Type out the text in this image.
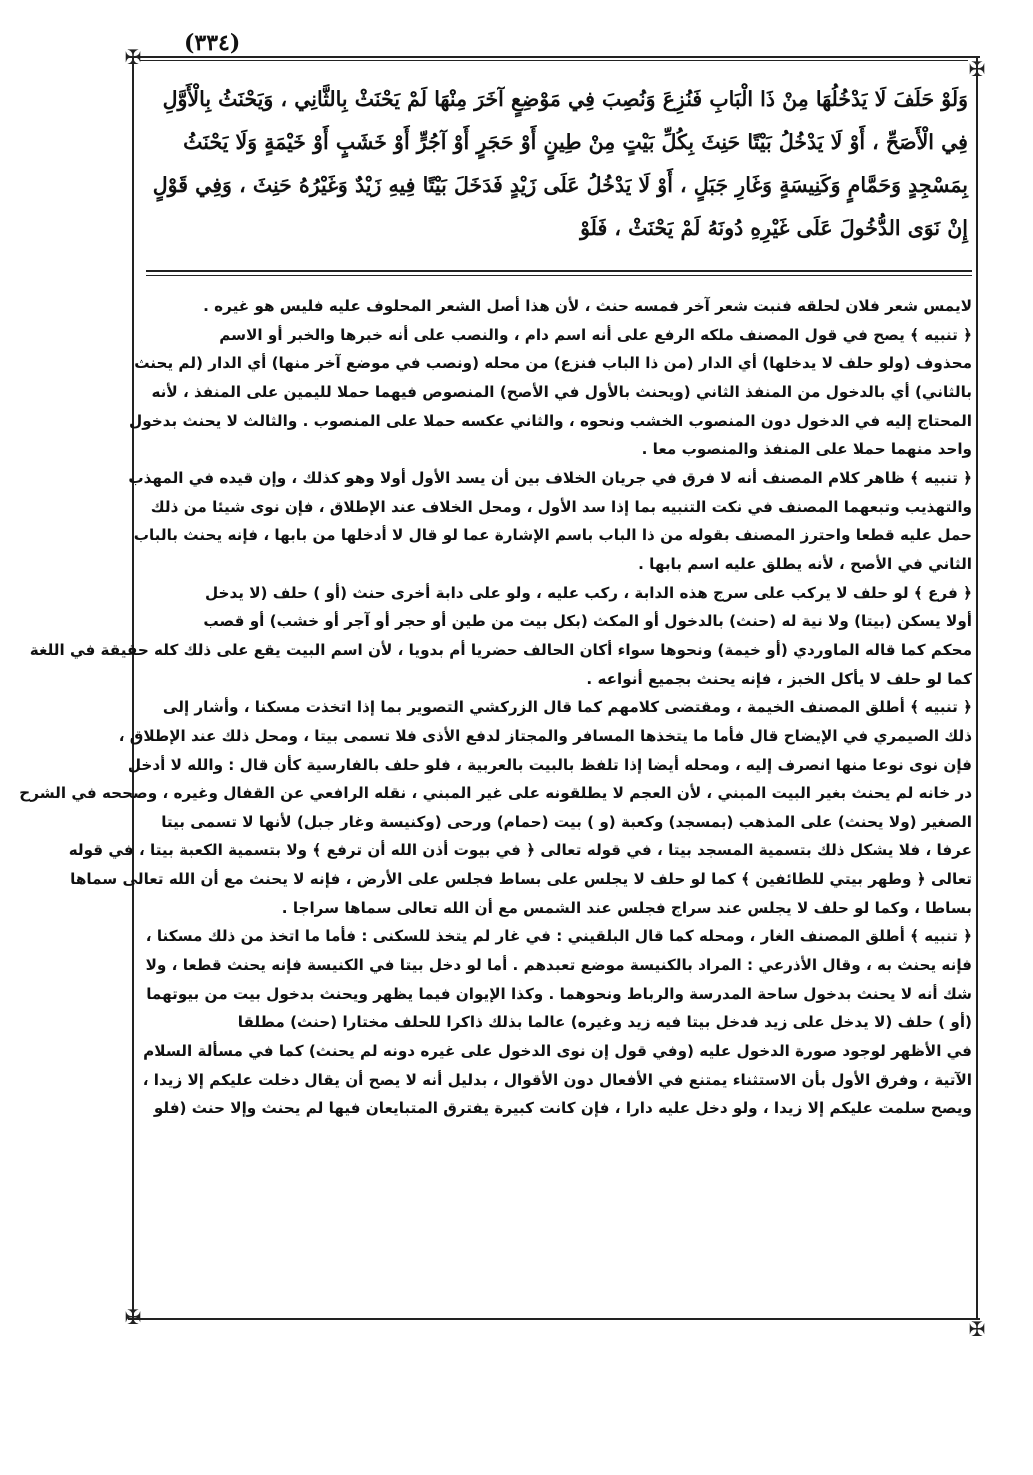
(٣٣٤)
✠	✠
✠	✠
وَلَوْ حَلَفَ لَا يَدْخُلُهَا مِنْ ذَا الْبَابِ فَنُزِعَ وَنُصِبَ فِي مَوْضِعٍ آخَرَ مِنْهَا لَمْ يَحْنَثْ بِالثَّانِي ، وَيَحْنَثُ بِالْأَوَّلِ
فِي الْأَصَحِّ ، أَوْ لَا يَدْخُلُ بَيْتًا حَنِثَ بِكُلِّ بَيْتٍ مِنْ طِينٍ أَوْ حَجَرٍ أَوْ آجُرٍّ أَوْ خَشَبٍ أَوْ خَيْمَةٍ وَلَا يَحْنَثُ
بِمَسْجِدٍ وَحَمَّامٍ وَكَنِيسَةٍ وَغَارِ جَبَلٍ ، أَوْ لَا يَدْخُلُ عَلَى زَيْدٍ فَدَخَلَ بَيْتًا فِيهِ زَيْدٌ وَغَيْرُهُ حَنِثَ ، وَفِي قَوْلٍ
إِنْ نَوَى الدُّخُولَ عَلَى غَيْرِهِ دُونَهُ لَمْ يَحْنَثْ ، فَلَوْ
لايمس شعر فلان لحلقه فنبت شعر آخر فمسه حنث ، لأن هذا أصل الشعر المحلوف عليه فليس هو غيره .
﴿ تنبيه ﴾ يصح في قول المصنف ملكه الرفع على أنه اسم دام ، والنصب على أنه خبرها والخبر أو الاسم
محذوف (ولو حلف لا يدخلها) أي الدار (من ذا الباب فنزع) من محله (ونصب في موضع آخر منها) أي الدار (لم يحنث
بالثاني) أي بالدخول من المنفذ الثاني (ويحنث بالأول في الأصح) المنصوص فيهما حملا لليمين على المنفذ ، لأنه
المحتاج إليه في الدخول دون المنصوب الخشب ونحوه ، والثاني عكسه حملا على المنصوب . والثالث لا يحنث بدخول
واحد منهما حملا على المنفذ والمنصوب معا .
﴿ تنبيه ﴾ ظاهر كلام المصنف أنه لا فرق في جريان الخلاف بين أن يسد الأول أولا وهو كذلك ، وإن قيده في المهذب
والتهذيب وتبعهما المصنف في نكت التنبيه بما إذا سد الأول ، ومحل الخلاف عند الإطلاق ، فإن نوى شيئا من ذلك
حمل عليه قطعا واحترز المصنف بقوله من ذا الباب باسم الإشارة عما لو قال لا أدخلها من بابها ، فإنه يحنث بالباب
الثاني في الأصح ، لأنه يطلق عليه اسم بابها .
﴿ فرع ﴾ لو حلف لا يركب على سرج هذه الدابة ، ركب عليه ، ولو على دابة أخرى حنث (أو ) حلف (لا يدخل
أولا يسكن (بيتا) ولا نية له (حنث) بالدخول أو المكث (بكل بيت من طين أو حجر أو آجر أو خشب) أو قصب
محكم كما قاله الماوردي (أو خيمة) ونحوها سواء أكان الحالف حضريا أم بدويا ، لأن اسم البيت يقع على ذلك كله حقيقة في اللغة
كما لو حلف لا يأكل الخبز ، فإنه يحنث بجميع أنواعه .
﴿ تنبيه ﴾ أطلق المصنف الخيمة ، ومقتضى كلامهم كما قال الزركشي التصوير بما إذا اتخذت مسكنا ، وأشار إلى
ذلك الصيمري في الإيضاح قال فأما ما يتخذها المسافر والمجتاز لدفع الأذى فلا تسمى بيتا ، ومحل ذلك عند الإطلاق ،
فإن نوى نوعا منها انصرف إليه ، ومحله أيضا إذا تلفظ بالبيت بالعربية ، فلو حلف بالفارسية كأن قال : والله لا أدخل
در خانه لم يحنث بغير البيت المبني ، لأن العجم لا يطلقونه على غير المبني ، نقله الرافعي عن القفال وغيره ، وصححه في الشرح
الصغير (ولا يحنث) على المذهب (بمسجد) وكعبة (و ) بيت (حمام) ورحى (وكنيسة وغار جبل) لأنها لا تسمى بيتا
عرفا ، فلا يشكل ذلك بتسمية المسجد بيتا ، في قوله تعالى ﴿ في بيوت أذن الله أن ترفع ﴾ ولا بتسمية الكعبة بيتا ، في قوله
تعالى ﴿ وطهر بيتي للطائفين ﴾ كما لو حلف لا يجلس على بساط فجلس على الأرض ، فإنه لا يحنث مع أن الله تعالى سماها
بساطا ، وكما لو حلف لا يجلس عند سراج فجلس عند الشمس مع أن الله تعالى سماها سراجا .
﴿ تنبيه ﴾ أطلق المصنف الغار ، ومحله كما قال البلقيني : في غار لم يتخذ للسكنى : فأما ما اتخذ من ذلك مسكنا ،
فإنه يحنث به ، وقال الأذرعي : المراد بالكنيسة موضع تعبدهم . أما لو دخل بيتا في الكنيسة فإنه يحنث قطعا ، ولا
شك أنه لا يحنث بدخول ساحة المدرسة والرباط ونحوهما . وكذا الإيوان فيما يظهر ويحنث بدخول بيت من بيوتهما
(أو ) حلف (لا يدخل على زيد فدخل بيتا فيه زيد وغيره) عالما بذلك ذاكرا للحلف مختارا (حنث) مطلقا
في الأظهر لوجود صورة الدخول عليه (وفي قول إن نوى الدخول على غيره دونه لم يحنث) كما في مسألة السلام
الآتية ، وفرق الأول بأن الاستثناء يمتنع في الأفعال دون الأقوال ، بدليل أنه لا يصح أن يقال دخلت عليكم إلا زيدا ،
ويصح سلمت عليكم إلا زيدا ، ولو دخل عليه دارا ، فإن كانت كبيرة يفترق المتبايعان فيها لم يحنث وإلا حنث (فلو
